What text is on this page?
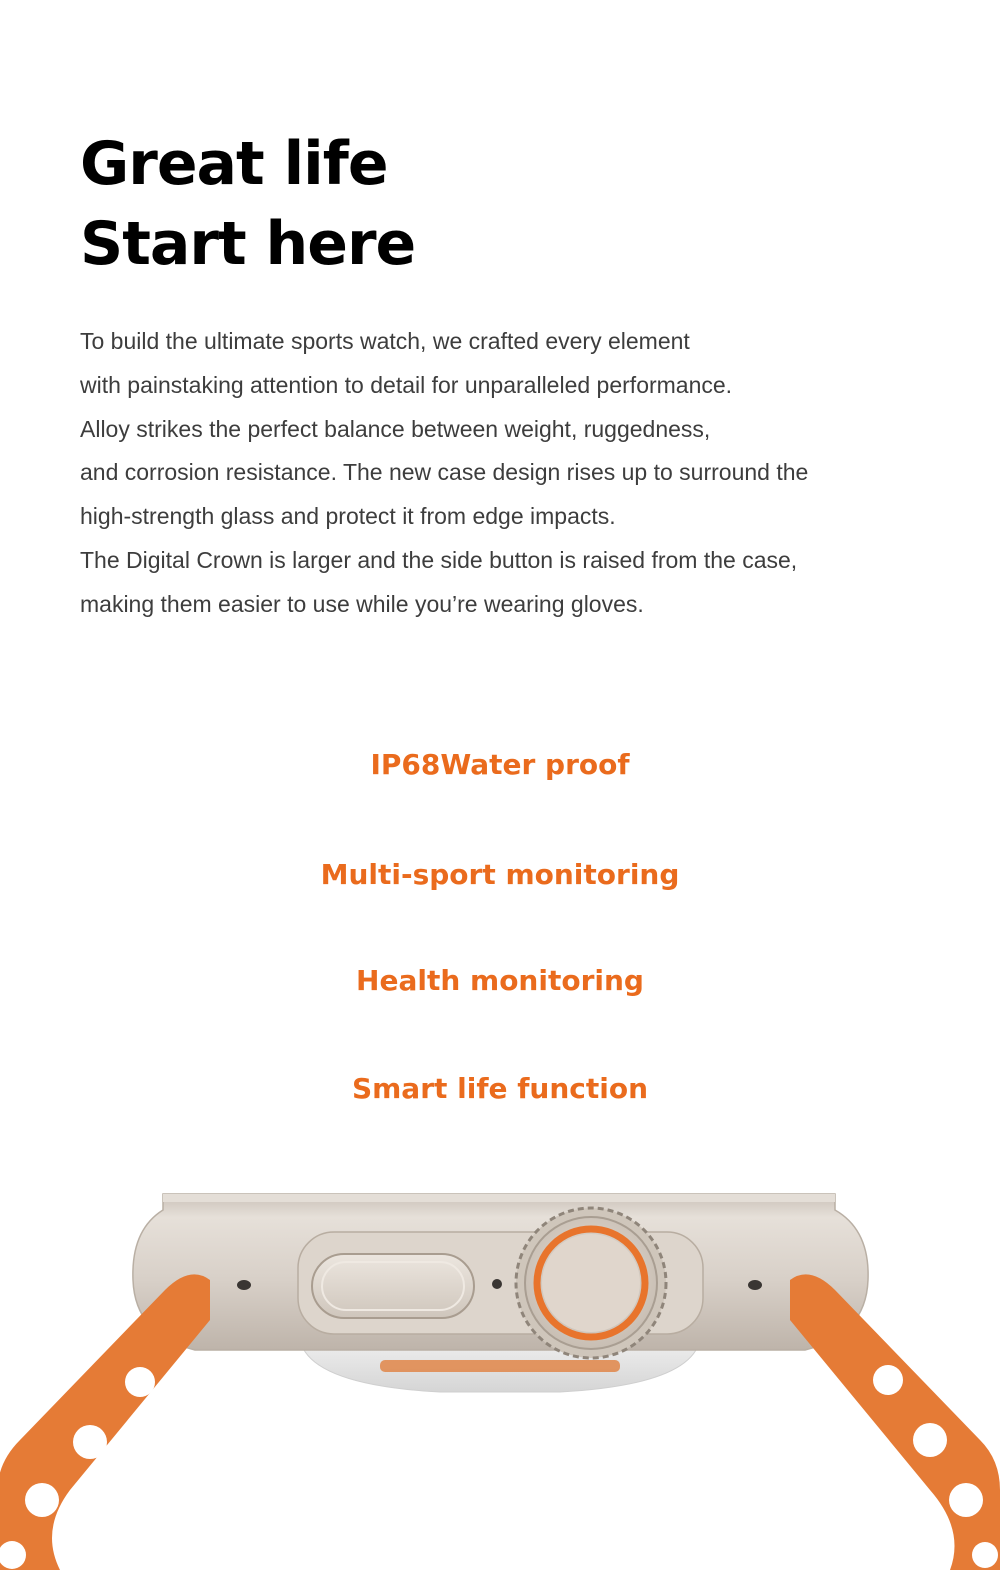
Great life
Start here

To build the ultimate sports watch, we crafted every element
with painstaking attention to detail for unparalleled performance.
Alloy strikes the perfect balance between weight, ruggedness,
and corrosion resistance. The new case design rises up to surround the
high-strength glass and protect it from edge impacts.
The Digital Crown is larger and the side button is raised from the case,
making them easier to use while you’re wearing gloves.

IP68Water proof
Multi-sport monitoring
Health monitoring
Smart life function
